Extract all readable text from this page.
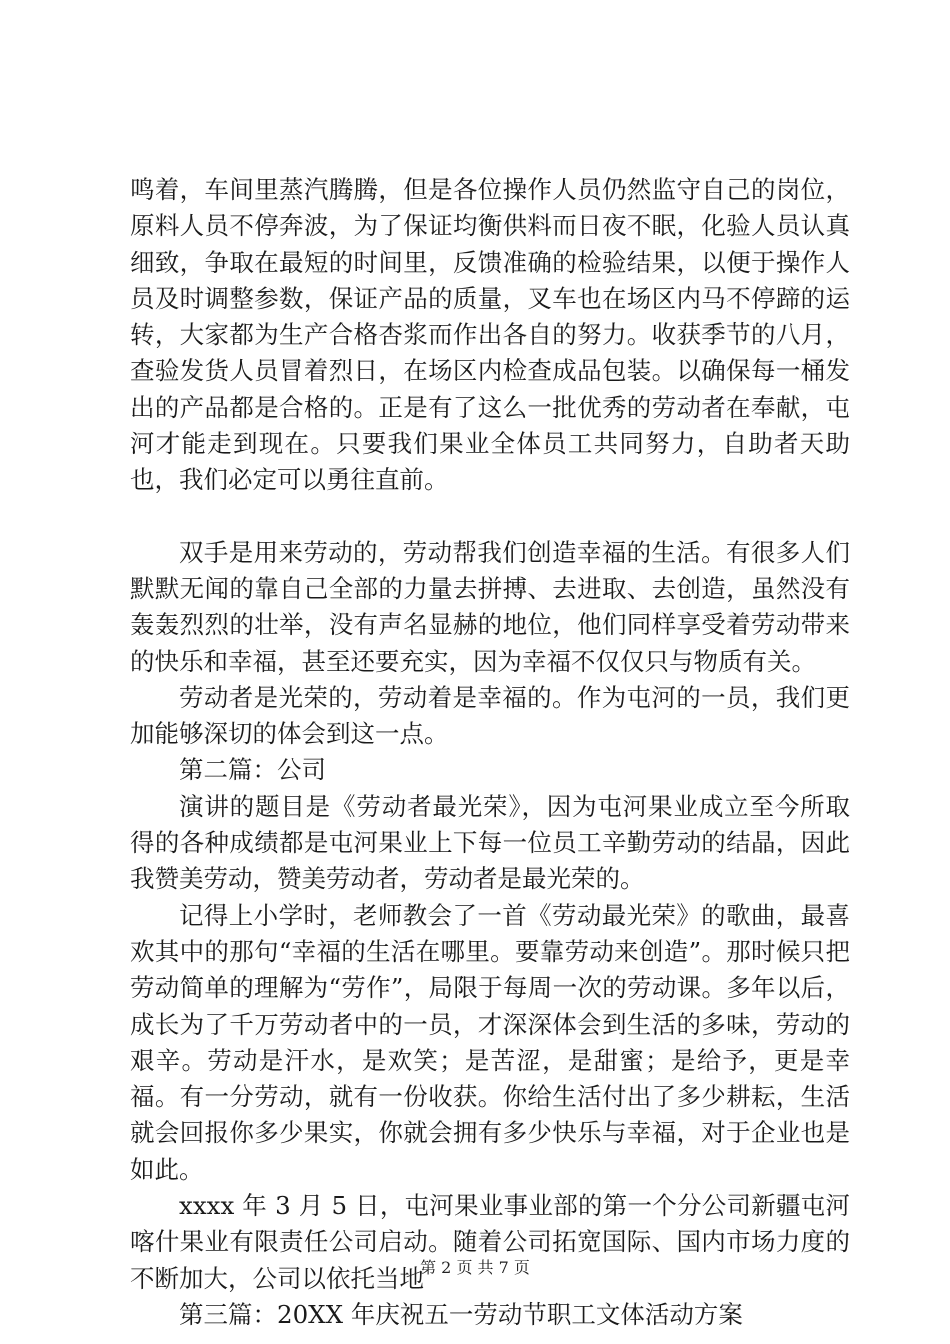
鸣着，车间里蒸汽腾腾，但是各位操作人员仍然监守自己的岗位，原料人员不停奔波，为了保证均衡供料而日夜不眠，化验人员认真细致，争取在最短的时间里，反馈准确的检验结果，以便于操作人员及时调整参数，保证产品的质量，叉车也在场区内马不停蹄的运转，大家都为生产合格杏浆而作出各自的努力。收获季节的八月，查验发货人员冒着烈日，在场区内检查成品包装。以确保每一桶发出的产品都是合格的。正是有了这么一批优秀的劳动者在奉献，屯河才能走到现在。只要我们果业全体员工共同努力，自助者天助也，我们必定可以勇往直前。

双手是用来劳动的，劳动帮我们创造幸福的生活。有很多人们默默无闻的靠自己全部的力量去拼搏、去进取、去创造，虽然没有轰轰烈烈的壮举，没有声名显赫的地位，他们同样享受着劳动带来的快乐和幸福，甚至还要充实，因为幸福不仅仅只与物质有关。

劳动者是光荣的，劳动着是幸福的。作为屯河的一员，我们更加能够深切的体会到这一点。

第二篇：公司

演讲的题目是《劳动者最光荣》，因为屯河果业成立至今所取得的各种成绩都是屯河果业上下每一位员工辛勤劳动的结晶，因此我赞美劳动，赞美劳动者，劳动者是最光荣的。

记得上小学时，老师教会了一首《劳动最光荣》的歌曲，最喜欢其中的那句“幸福的生活在哪里。要靠劳动来创造”。那时候只把劳动简单的理解为“劳作”，局限于每周一次的劳动课。多年以后，成长为了千万劳动者中的一员，才深深体会到生活的多味，劳动的艰辛。劳动是汗水，是欢笑；是苦涩，是甜蜜；是给予，更是幸福。有一分劳动，就有一份收获。你给生活付出了多少耕耘，生活就会回报你多少果实，你就会拥有多少快乐与幸福，对于企业也是如此。

xxxx 年 3 月 5 日，屯河果业事业部的第一个分公司新疆屯河喀什果业有限责任公司启动。随着公司拓宽国际、国内市场力度的不断加大，公司以依托当地

第三篇：20XX 年庆祝五一劳动节职工文体活动方案

第 2 页 共 7 页
